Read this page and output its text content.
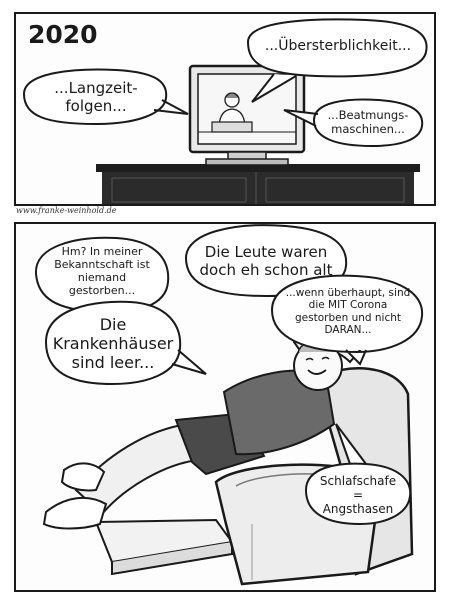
2020	...Übersterblichkeit...

...Langzeit-
folgen...

...Beatmungs-
maschinen...

www.franke-weinhold.de

Hm? In meiner
Bekanntschaft ist
niemand
gestorben...

Die
Krankenhäuser
sind leer...

Die Leute waren
doch eh schon alt

...wenn überhaupt, sind
die MIT Corona
gestorben und nicht
DARAN...

Schlafschafe
=
Angsthasen
